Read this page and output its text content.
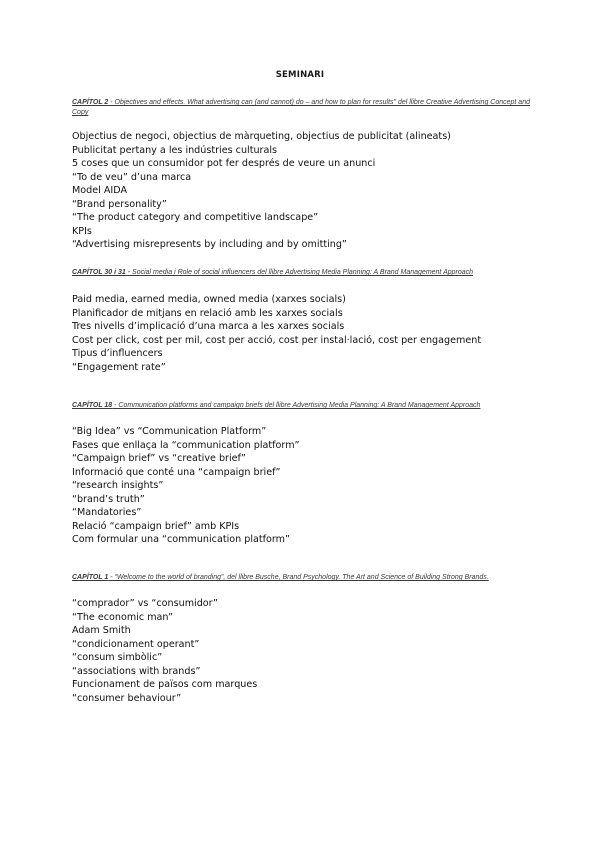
SEMINARI

CAPÍTOL 2 - Objectives and effects. What advertising can (and cannot) do – and how to plan for results" del llibre Creative Advertising Concept and Copy

Objectius de negoci, objectius de màrqueting, objectius de publicitat (alineats)
Publicitat pertany a les indústries culturals
5 coses que un consumidor pot fer després de veure un anunci
“To de veu” d’una marca
Model AIDA
“Brand personality”
“The product category and competitive landscape”
KPIs
“Advertising misrepresents by including and by omitting”

CAPÍTOL 30 i 31 - Social media i Role of social influencers del llibre Advertising Media Planning: A Brand Management Approach

Paid media, earned media, owned media (xarxes socials)
Planificador de mitjans en relació amb les xarxes socials
Tres nivells d’implicació d’una marca a les xarxes socials
Cost per click, cost per mil, cost per acció, cost per instal·lació, cost per engagement
Tipus d’influencers
“Engagement rate”

CAPÍTOL 18 - Communication platforms and campaign briefs del llibre Advertising Media Planning: A Brand Management Approach

“Big Idea” vs “Communication Platform”
Fases que enllaça la “communication platform”
“Campaign brief” vs “creative brief”
Informació que conté una “campaign brief”
“research insights”
“brand’s truth”
“Mandatories”
Relació “campaign brief” amb KPIs
Com formular una “communication platform”

CAPÍTOL 1 - “Welcome to the world of branding”, del llibre Busche, Brand Psychology. The Art and Science of Building Strong Brands.

“comprador” vs “consumidor”
“The economic man”
Adam Smith
“condicionament operant”
“consum simbòlic”
“associations with brands”
Funcionament de països com marques
“consumer behaviour”
